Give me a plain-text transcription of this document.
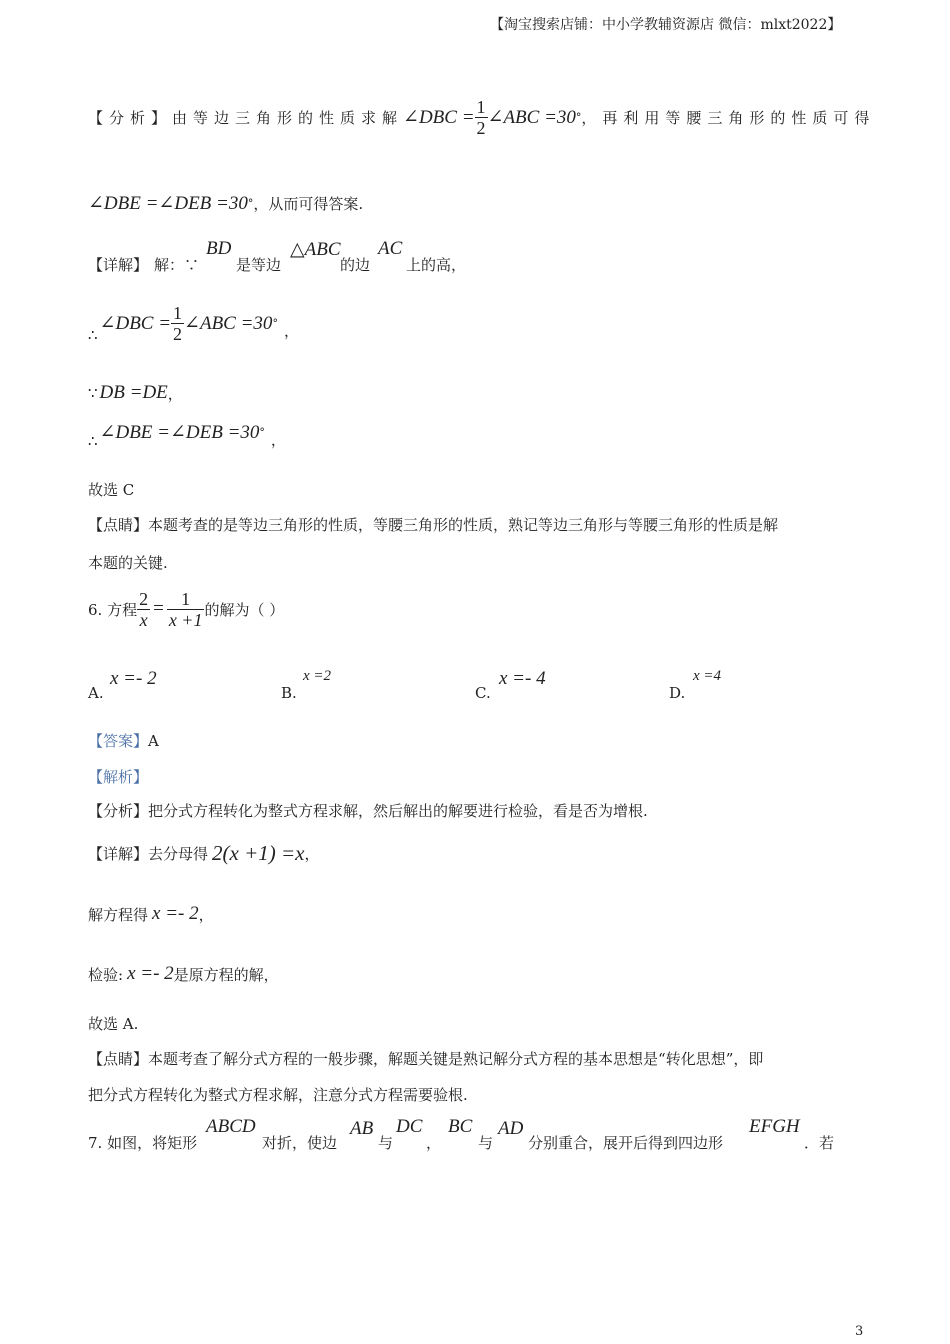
【淘宝搜索店铺：中小学教辅资源店 微信：mlxt2022】
【分析】 由等边三角形的性质求解 ∠DBC = $\frac{1}{2}$ ∠ABC =30 ° ，再利用等腰三角形的性质可得
∠DBE =∠DEB =30 ° ，从而可得答案.
【详解】 解：∵
BD
是等边
△ABC
的边
AC
上的高，
∴
∠DBC = $\frac{1}{2}$ ∠ABC =30 ° ，
∵ DB =DE ，
∴ ∠DBE =∠DEB =30 ° ，
故选 C
【点睛】本题考查的是等边三角形的性质，等腰三角形的性质，熟记等边三角形与等腰三角形的性质是解
本题的关键.
6. 方程 $\frac{2}{x} = \frac{1}{x +1}$ 的解为（ ）
A.
x =- 2
B.
x =2
C.
x =- 4
D.
x =4
【答案】A
【解析】
【分析】把分式方程转化为整式方程求解，然后解出的解要进行检验，看是否为增根.
【详解】 去分母得 2(x +1) =x ，
解方程得 x =- 2 ，
检验: x =- 2 是原方程的解，
故选 A.
【点睛】本题考查了解分式方程的一般步骤，解题关键是熟记解分式方程的基本思想是“转化思想”，即
把分式方程转化为整式方程求解，注意分式方程需要验根.
7. 如图，将矩形
ABCD
对折，使边
AB
与
DC
，
BC
与
AD
分别重合，展开后得到四边形
EFGH
．若
3
